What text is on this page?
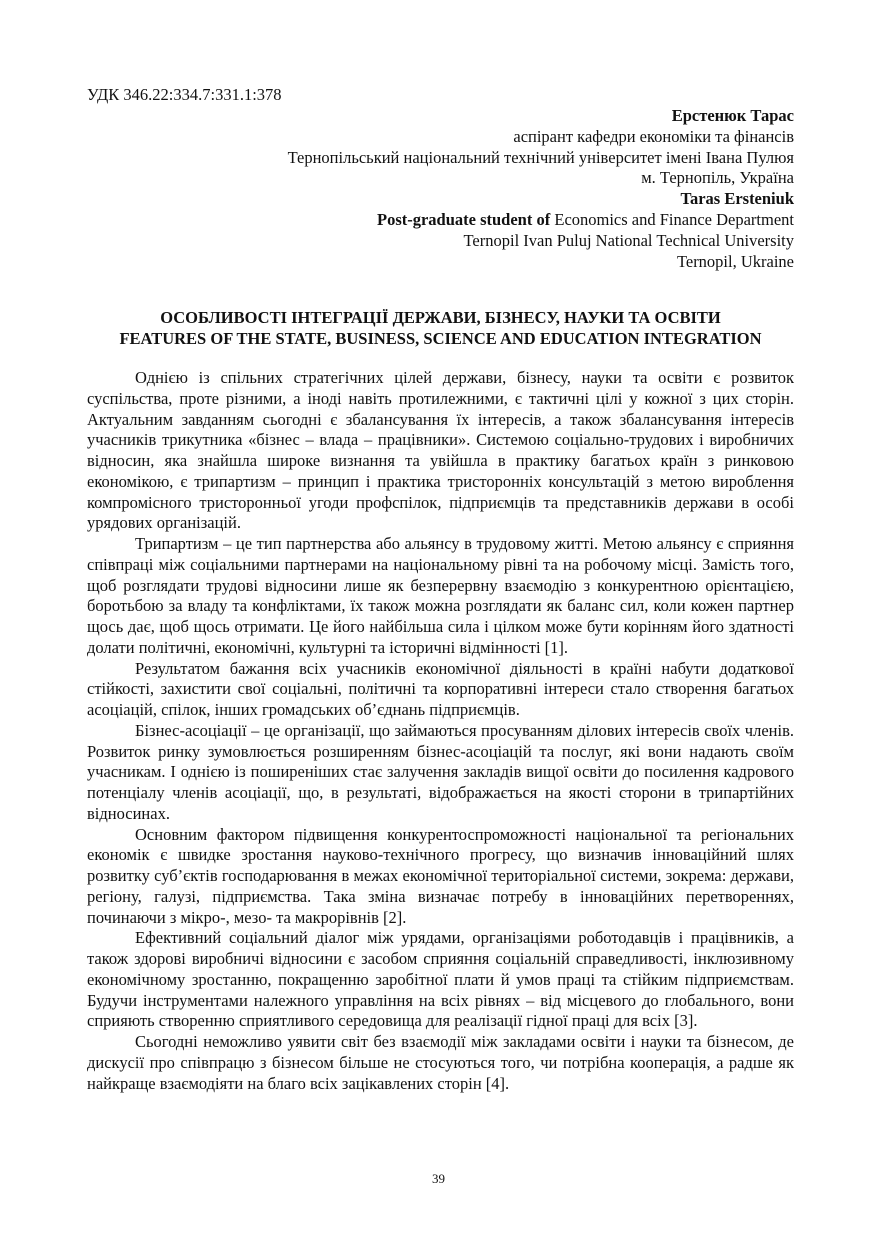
УДК 346.22:334.7:331.1:378
Ерстенюк Тарас
аспірант кафедри економіки та фінансів
Тернопільський національний технічний університет імені Івана Пулюя
м. Тернопіль, Україна
Taras Ersteniuk
Post-graduate student of Economics and Finance Department
Ternopil Ivan Puluj National Technical University
Ternopil, Ukraine
ОСОБЛИВОСТІ ІНТЕГРАЦІЇ ДЕРЖАВИ, БІЗНЕСУ, НАУКИ ТА ОСВІТИ
FEATURES OF THE STATE, BUSINESS, SCIENCE AND EDUCATION INTEGRATION

Однією із спільних стратегічних цілей держави, бізнесу, науки та освіти є розвиток суспільства, проте різними, а іноді навіть протилежними, є тактичні цілі у кожної з цих сторін. Актуальним завданням сьогодні є збалансування їх інтересів, а також збалансування інтересів учасників трикутника «бізнес – влада – працівники». Системою соціально-трудових і виробничих відносин, яка знайшла широке визнання та увійшла в практику багатьох країн з ринковою економікою, є трипартизм – принцип і практика тристоронніх консультацій з метою вироблення компромісного тристоронньої угоди профспілок, підприємців та представників держави в особі урядових організацій.

Трипартизм – це тип партнерства або альянсу в трудовому житті. Метою альянсу є сприяння співпраці між соціальними партнерами на національному рівні та на робочому місці. Замість того, щоб розглядати трудові відносини лише як безперервну взаємодію з конкурентною орієнтацією, боротьбою за владу та конфліктами, їх також можна розглядати як баланс сил, коли кожен партнер щось дає, щоб щось отримати. Це його найбільша сила і цілком може бути корінням його здатності долати політичні, економічні, культурні та історичні відмінності [1].

Результатом бажання всіх учасників економічної діяльності в країні набути додаткової стійкості, захистити свої соціальні, політичні та корпоративні інтереси стало створення багатьох асоціацій, спілок, інших громадських об’єднань підприємців.

Бізнес-асоціації – це організації, що займаються просуванням ділових інтересів своїх членів. Розвиток ринку зумовлюється розширенням бізнес-асоціацій та послуг, які вони надають своїм учасникам. І однією із поширеніших стає залучення закладів вищої освіти до посилення кадрового потенціалу членів асоціації, що, в результаті, відображається на якості сторони в трипартійних відносинах.

Основним фактором підвищення конкурентоспроможності національної та регіональних економік є швидке зростання науково-технічного прогресу, що визначив інноваційний шлях розвитку суб’єктів господарювання в межах економічної територіальної системи, зокрема: держави, регіону, галузі, підприємства. Така зміна визначає потребу в інноваційних перетвореннях, починаючи з мікро-, мезо- та макрорівнів [2].

Ефективний соціальний діалог між урядами, організаціями роботодавців і працівників, а також здорові виробничі відносини є засобом сприяння соціальній справедливості, інклюзивному економічному зростанню, покращенню заробітної плати й умов праці та стійким підприємствам. Будучи інструментами належного управління на всіх рівнях – від місцевого до глобального, вони сприяють створенню сприятливого середовища для реалізації гідної праці для всіх [3].

Сьогодні неможливо уявити світ без взаємодії між закладами освіти і науки та бізнесом, де дискусії про співпрацю з бізнесом більше не стосуються того, чи потрібна кооперація, а радше як найкраще взаємодіяти на благо всіх зацікавлених сторін [4].

39
